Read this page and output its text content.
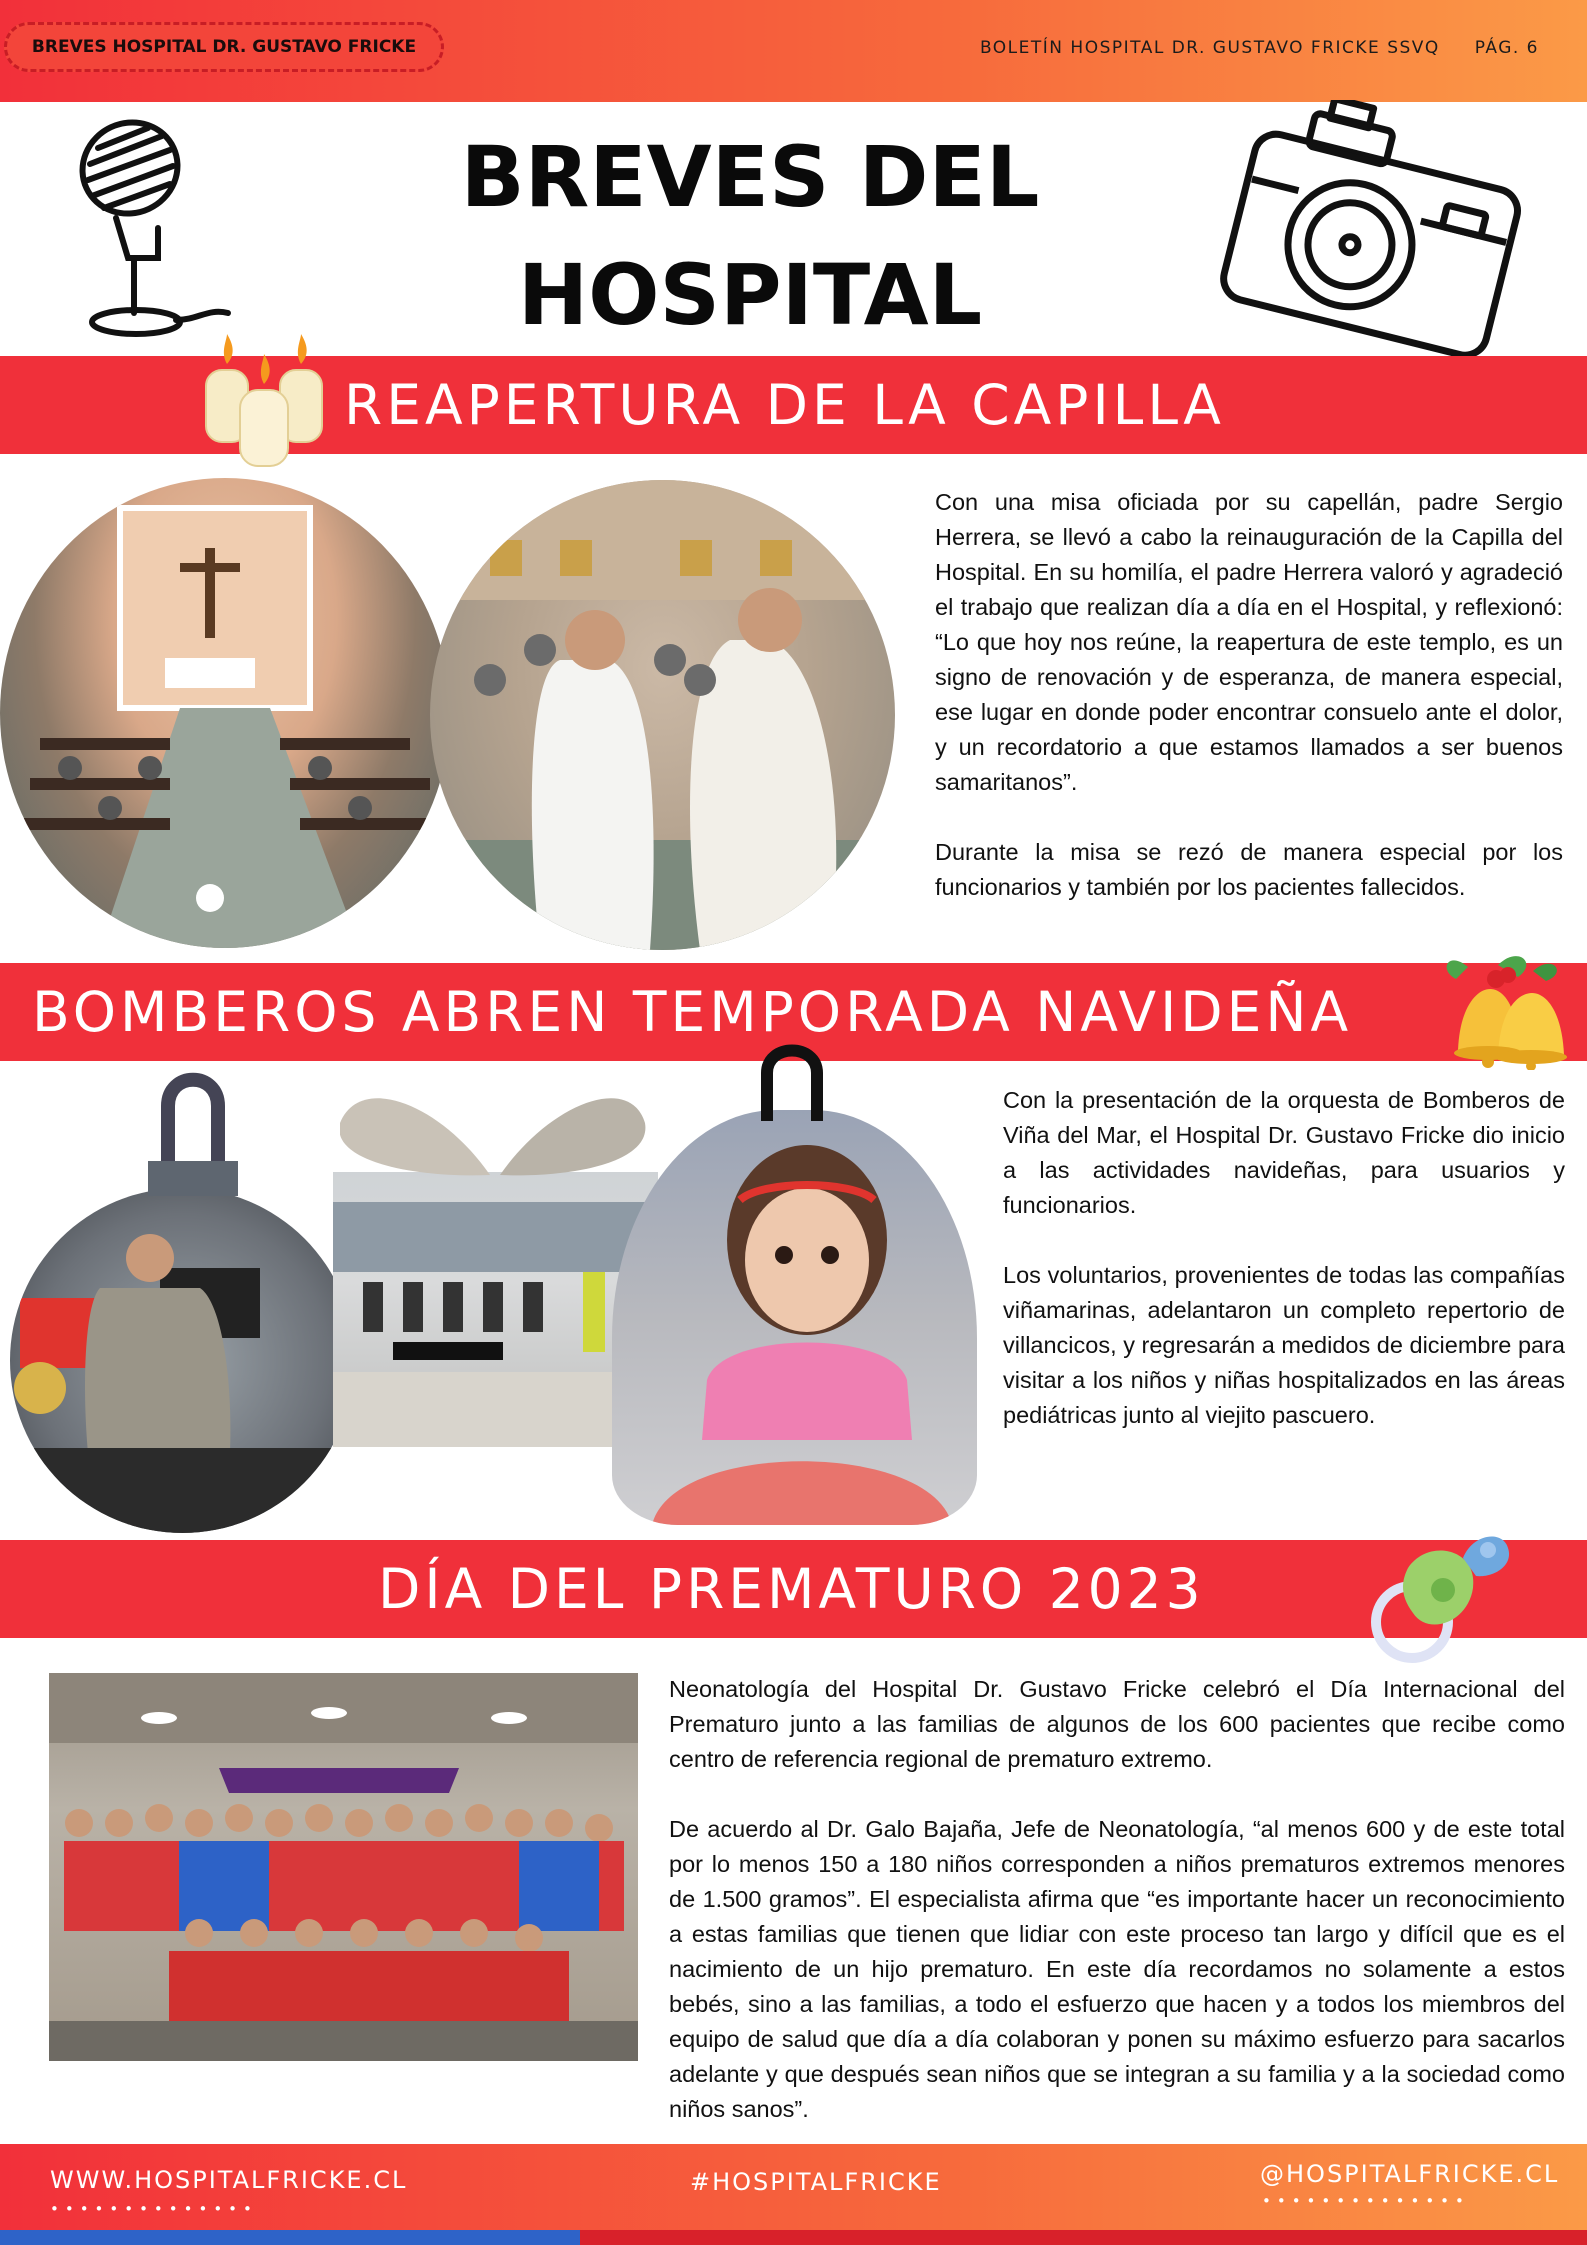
BREVES HOSPITAL DR. GUSTAVO FRICKE	BOLETÍN HOSPITAL DR. GUSTAVO FRICKE SSVQ PÁG. 6
BREVES DEL
HOSPITAL
REAPERTURA DE LA CAPILLA

Con una misa oficiada por su capellán, padre Sergio Herrera, se llevó a cabo la reinauguración de la Capilla del Hospital. En su homilía, el padre Herrera valoró y agradeció el trabajo que realizan día a día en el Hospital, y reflexionó: “Lo que hoy nos reúne, la reapertura de este templo, es un signo de renovación y de esperanza, de manera especial, ese lugar en donde poder encontrar consuelo ante el dolor, y un recordatorio a que estamos llamados a ser buenos samaritanos”.

Durante la misa se rezó de manera especial por los funcionarios y también por los pacientes fallecidos.

BOMBEROS ABREN TEMPORADA NAVIDEÑA

Con la presentación de la orquesta de Bomberos de Viña del Mar, el Hospital Dr. Gustavo Fricke dio inicio a las actividades navideñas, para usuarios y funcionarios.

Los voluntarios, provenientes de todas las compañías viñamarinas, adelantaron un completo repertorio de villancicos, y regresarán a medidos de diciembre para visitar a los niños y niñas hospitalizados en las áreas pediátricas junto al viejito pascuero.

DÍA DEL PREMATURO 2023

Neonatología del Hospital Dr. Gustavo Fricke celebró el Día Internacional del Prematuro junto a las familias de algunos de los 600 pacientes que recibe como centro de referencia regional de prematuro extremo.

De acuerdo al Dr. Galo Bajaña, Jefe de Neonatología, “al menos 600 y de este total por lo menos 150 a 180 niños corresponden a niños prematuros extremos menores de 1.500 gramos”. El especialista afirma que “es importante hacer un reconocimiento a estas familias que tienen que lidiar con este proceso tan largo y difícil que es el nacimiento de un hijo prematuro. En este día recordamos no solamente a estos bebés, sino a las familias, a todo el esfuerzo que hacen y a todos los miembros del equipo de salud que día a día colaboran y ponen su máximo esfuerzo para sacarlos adelante y que después sean niños que se integran a su familia y a la sociedad como niños sanos”.

WWW.HOSPITALFRICKE.CL
••••••••••••••
#HOSPITALFRICKE	@HOSPITALFRICKE.CL
••••••••••••••
